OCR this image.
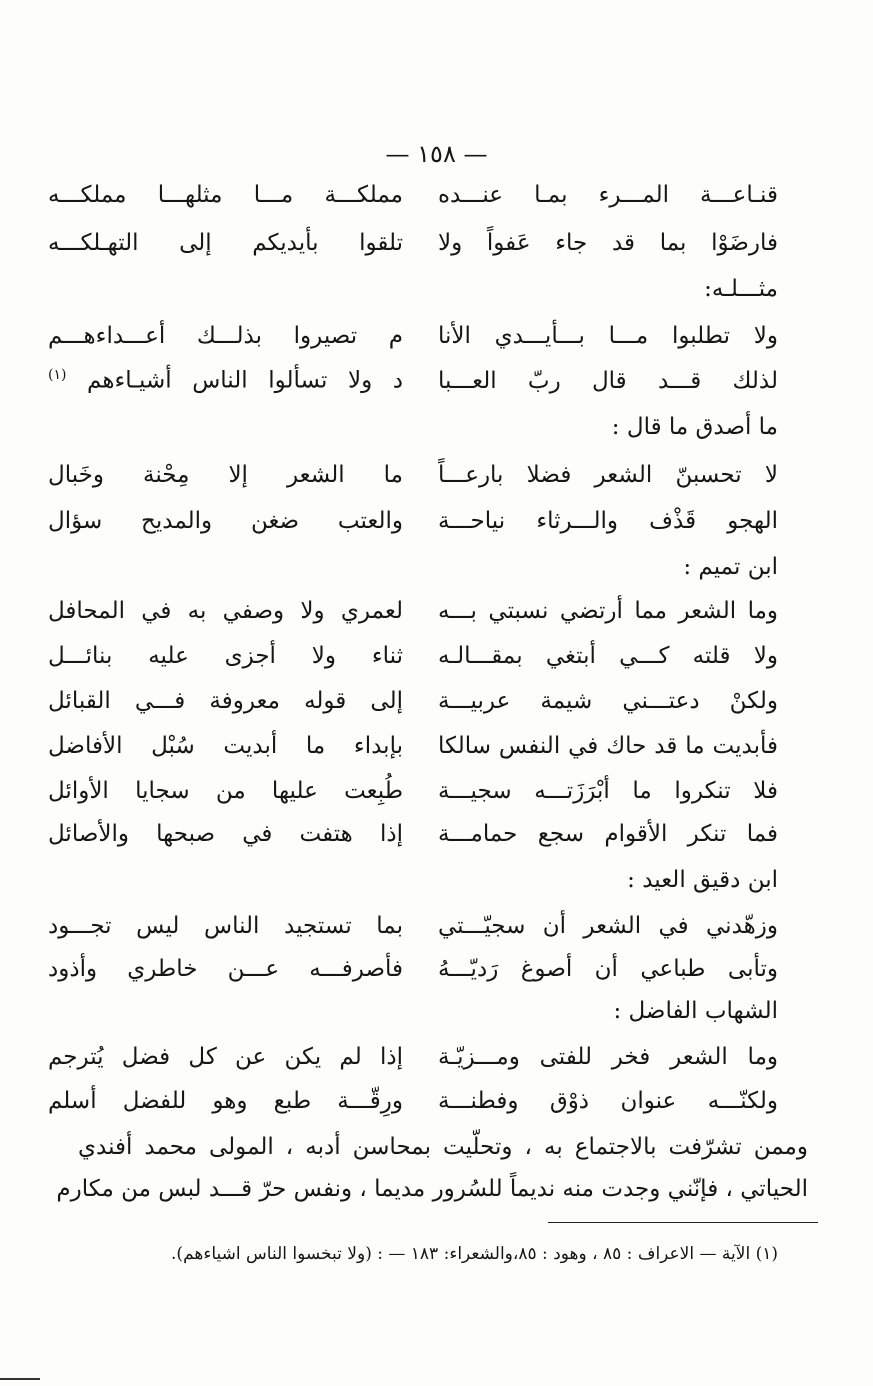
— ١٥٨ —
قنـاعـــة المـــرء بمـا عنـــده
مملكـــة مـــا مثلهـــا مملكـــه
فارضَوْا بما قد جاء عَفواً ولا
تلقوا بأيديكم إلى التهـلكـــه
مثـــلـه:
ولا تطلبوا مـــا بـــأيـــدي الأنا
م تصيروا بذلـــك أعـــداءهـــم
لذلك قـــد قال ربّ العـــبا
د ولا تسألوا الناس أشيـاءهم $^{(١)}$
ما أصدق ما قال :
لا تحسبنّ الشعر فضلا بارعـــاً
ما الشعر إلا مِحْنة وخَبال
الهجو قَذْف والـــرثاء نياحـــة
والعتب ضغن والمديح سؤال
ابن تميم :
وما الشعر مما أرتضي نسبتي بـــه
لعمري ولا وصفي به في المحافل
ولا قلته كـــي أبتغي بمقـــالـه
ثناء ولا أجزى عليه بنائـــل
ولكنْ دعتـــني شيمة عربيـــة
إلى قوله معروفة فـــي القبائل
فأبديت ما قد حاك في النفس سالكا
بإبداء ما أبديت سُبْل الأفاضل
فلا تنكروا ما أبْرَزَتـــه سجيـــة
طُبِعت عليها من سجايا الأوائل
فما تنكر الأقوام سجع حمامـــة
إذا هتفت في صبحها والأصائل
ابن دقيق العيد :
وزهّدني في الشعر أن سجيّـــتي
بما تستجيد الناس ليس تجـــود
وتأبى طباعي أن أصوغ رَديّـــهُ
فأصرفـــه عـــن خاطري وأذود
الشهاب الفاضل :
وما الشعر فخر للفتى ومـــزيّـة
إذا لم يكن عن كل فضل يُترجم
ولكنّـــه عنوان ذوْق وفطنـــة
ورِقّـــة طبع وهو للفضل أسلم
وممن تشرّفت بالاجتماع به ، وتحلّيت بمحاسن أدبه ، المولى محمد أفندي
الحياتي ، فإنّني وجدت منه نديماً للسُرور مديما ، ونفس حرّ قـــد لبس من مكارم
(١) الآية — الاعراف : ٨٥ ، وهود : ٨٥،والشعراء: ١٨٣ — : (ولا تبخسوا الناس اشياءهم).
